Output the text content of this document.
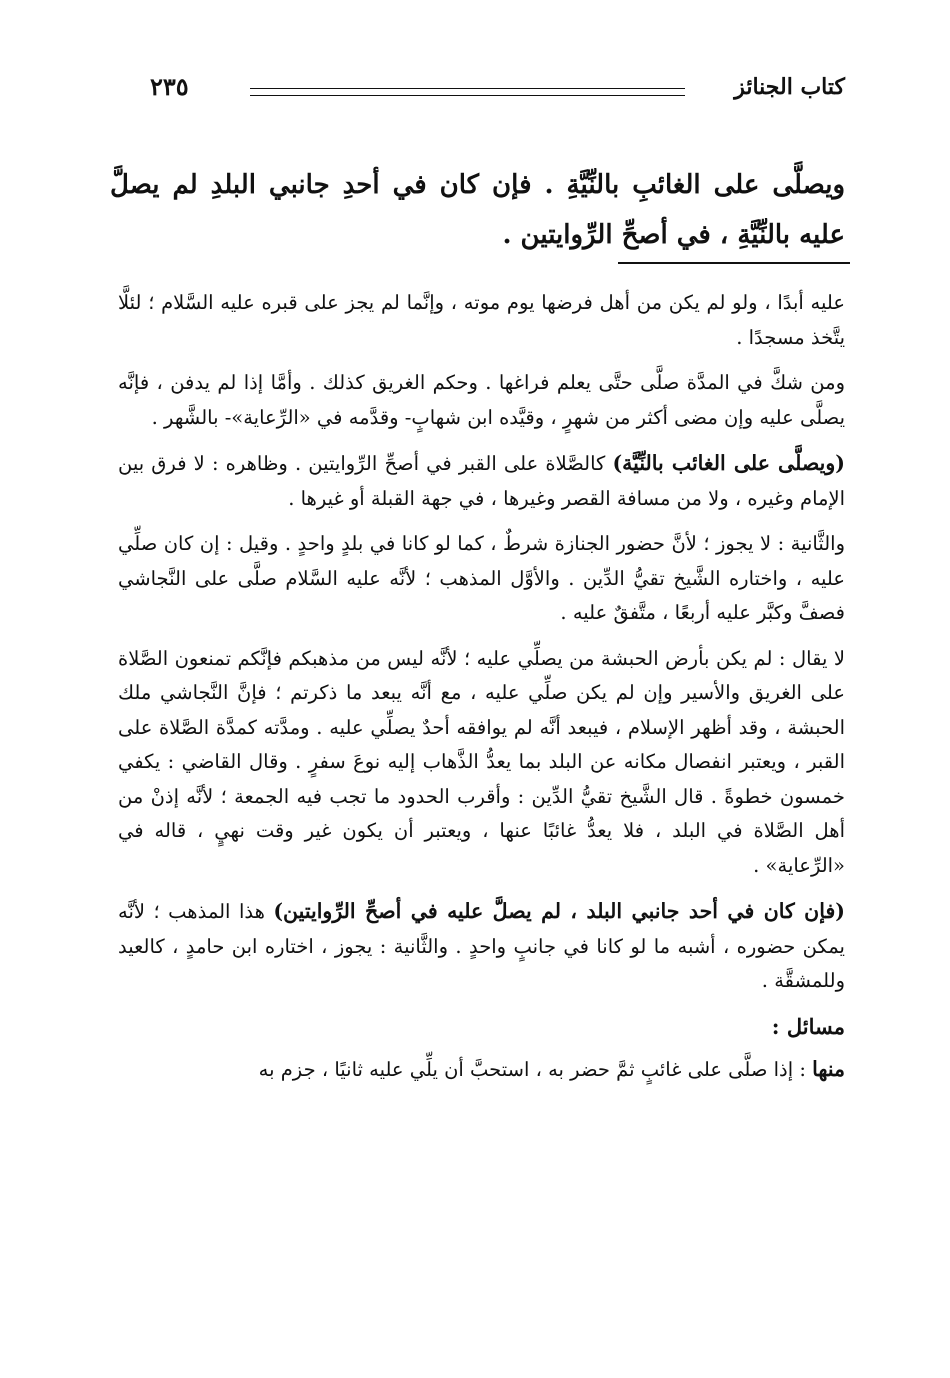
كتاب الجنائز
٢٣٥
ويصلَّى على الغائبِ بالنِّيَّةِ . فإن كان في أحدِ جانبي البلدِ لم يصلَّ عليه بالنِّيَّةِ ، في أصحِّ الرِّوايتين .

عليه أبدًا ، ولو لم يكن من أهل فرضها يوم موته ، وإنَّما لم يجز على قبره عليه السَّلام ؛ لئلَّا يتَّخذ مسجدًا .

ومن شكَّ في المدَّة صلَّى حتَّى يعلم فراغها . وحكم الغريق كذلك . وأمَّا إذا لم يدفن ، فإنَّه يصلَّى عليه وإن مضى أكثر من شهرٍ ، وقيَّده ابن شهابٍ- وقدَّمه في «الرِّعاية»- بالشَّهر .

(ويصلَّى على الغائب بالنِّيَّة) كالصَّلاة على القبر في أصحِّ الرِّوايتين . وظاهره : لا فرق بين الإمام وغيره ، ولا من مسافة القصر وغيرها ، في جهة القبلة أو غيرها .

والثَّانية : لا يجوز ؛ لأنَّ حضور الجنازة شرطٌ ، كما لو كانا في بلدٍ واحدٍ . وقيل : إن كان صلِّي عليه ، واختاره الشَّيخ تقيُّ الدِّين . والأوَّل المذهب ؛ لأنَّه عليه السَّلام صلَّى على النَّجاشي فصفَّ وكبَّر عليه أربعًا ، متَّفقٌ عليه .

لا يقال : لم يكن بأرض الحبشة من يصلِّي عليه ؛ لأنَّه ليس من مذهبكم فإنَّكم تمنعون الصَّلاة على الغريق والأسير وإن لم يكن صلِّي عليه ، مع أنَّه يبعد ما ذكرتم ؛ فإنَّ النَّجاشي ملك الحبشة ، وقد أظهر الإسلام ، فيبعد أنَّه لم يوافقه أحدٌ يصلِّي عليه . ومدَّته كمدَّة الصَّلاة على القبر ، ويعتبر انفصال مكانه عن البلد بما يعدُّ الذَّهاب إليه نوعَ سفرٍ . وقال القاضي : يكفي خمسون خطوةً . قال الشَّيخ تقيُّ الدِّين : وأقرب الحدود ما تجب فيه الجمعة ؛ لأنَّه إذنْ من أهل الصَّلاة في البلد ، فلا يعدُّ غائبًا عنها ، ويعتبر أن يكون غير وقت نهيٍ ، قاله في «الرِّعاية» .

(فإن كان في أحد جانبي البلد ، لم يصلَّ عليه في أصحِّ الرِّوايتين) هذا المذهب ؛ لأنَّه يمكن حضوره ، أشبه ما لو كانا في جانبٍ واحدٍ . والثَّانية : يجوز ، اختاره ابن حامدٍ ، كالعيد وللمشقَّة .

مسائل :

منها : إذا صلَّى على غائبٍ ثمَّ حضر به ، استحبَّ أن يلِّي عليه ثانيًا ، جزم به
